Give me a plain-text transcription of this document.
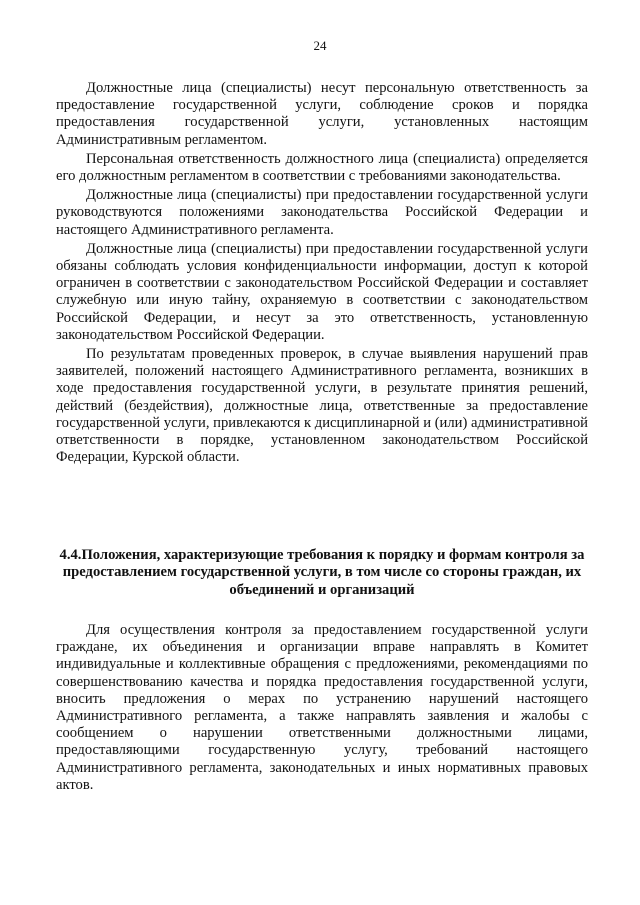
24

Должностные лица (специалисты) несут персональную ответственность за предоставление государственной услуги, соблюдение сроков и порядка предоставления государственной услуги, установленных настоящим Административным регламентом.

Персональная ответственность должностного лица (специалиста) определяется его должностным регламентом в соответствии с требованиями законодательства.

Должностные лица (специалисты) при предоставлении государственной услуги руководствуются положениями законодательства Российской Федерации и настоящего Административного регламента.

Должностные лица (специалисты) при предоставлении государственной услуги обязаны соблюдать условия конфиденциальности информации, доступ к которой ограничен в соответствии с законодательством Российской Федерации и составляет служебную или иную тайну, охраняемую в соответствии с законодательством Российской Федерации, и несут за это ответственность, установленную законодательством Российской Федерации.

По результатам проведенных проверок, в случае выявления нарушений прав заявителей, положений настоящего Административного регламента, возникших в ходе предоставления государственной услуги, в результате принятия решений, действий (бездействия), должностные лица, ответственные за предоставление государственной услуги, привлекаются к дисциплинарной и (или) административной ответственности в порядке, установленном законодательством Российской Федерации, Курской области.

4.4.Положения, характеризующие требования к порядку и формам контроля за предоставлением государственной услуги, в том числе со стороны граждан, их объединений и организаций

Для осуществления контроля за предоставлением государственной услуги граждане, их объединения и организации вправе направлять в Комитет индивидуальные и коллективные обращения с предложениями, рекомендациями по совершенствованию качества и порядка предоставления государственной услуги, вносить предложения о мерах по устранению нарушений настоящего Административного регламента, а также направлять заявления и жалобы с сообщением о нарушении ответственными должностными лицами, предоставляющими государственную услугу, требований настоящего Административного регламента, законодательных и иных нормативных правовых актов.
